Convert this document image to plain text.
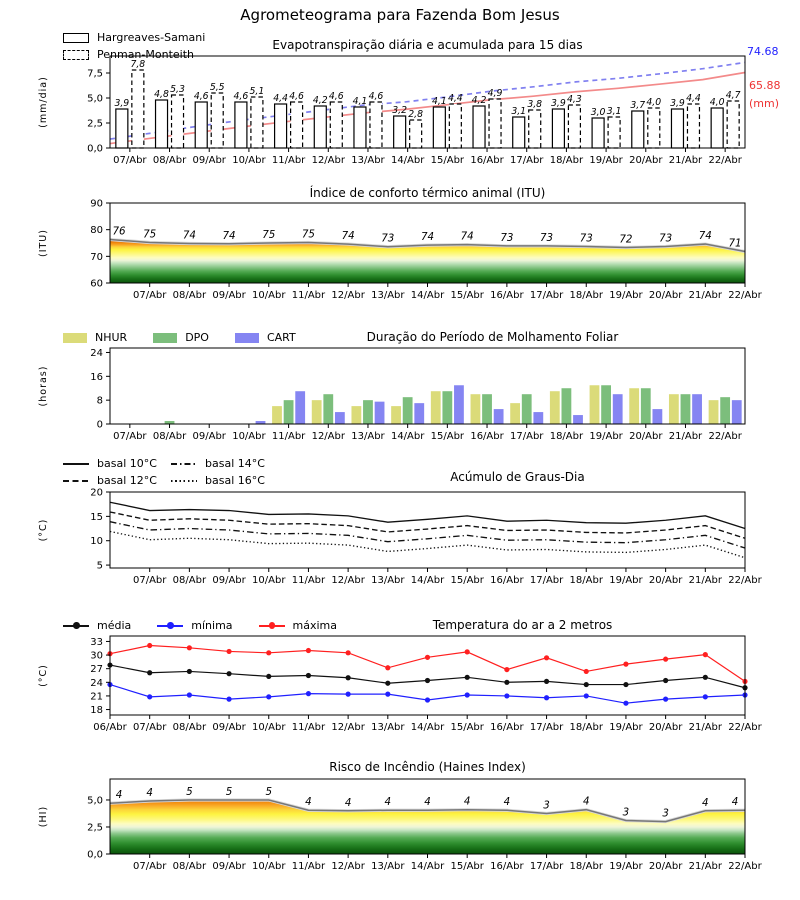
Agrometeograma para Fazenda Bom Jesus
Hargreaves-Samani
Penman-Monteith
Evapotranspiração diária e acumulada para 15 dias	74.68
65.88
(mm)
3,9
4,8	4,6	4,6	4,4	4,2	4,1
3,2
4,1	4,2
3,1
3,9
3,0
3,7	3,9	4,0
7,8
5,3	5,5	5,1	4,6	4,6	4,6
2,8
4,4	4,9
3,8	4,3
3,1
4,0	4,4	4,7
0,0
2,5
5,0
7,5
(mm/dia)
07/Abr 08/Abr 09/Abr 10/Abr 11/Abr 12/Abr 13/Abr 14/Abr 15/Abr 16/Abr 17/Abr 18/Abr 19/Abr 20/Abr 21/Abr 22/Abr
Índice de conforto térmico animal (ITU)
76 75	74	74	75	75	74	73	74	74	73	73	73	72	73	74
71
60
70
80
90
(ITU)
07/Abr 08/Abr 09/Abr 10/Abr 11/Abr 12/Abr 13/Abr 14/Abr 15/Abr 16/Abr 17/Abr 18/Abr 19/Abr 20/Abr 21/Abr 22/Abr
NHUR	DPO	CART	Duração do Período de Molhamento Foliar
0
8
16
24
(horas)
07/Abr 08/Abr 09/Abr 10/Abr 11/Abr 12/Abr 13/Abr 14/Abr 15/Abr 16/Abr 17/Abr 18/Abr 19/Abr 20/Abr 21/Abr 22/Abr
basal 10°C
basal 12°C
basal 14°C
basal 16°C	Acúmulo de Graus-Dia
5
10
15
20
(°C)
07/Abr 08/Abr 09/Abr 10/Abr 11/Abr 12/Abr 13/Abr 14/Abr 15/Abr 16/Abr 17/Abr 18/Abr 19/Abr 20/Abr 21/Abr 22/Abr
média	mínima	máxima	Temperatura do ar a 2 metros
18
21
24
27
30
33
(°C)
06/Abr 07/Abr 08/Abr 09/Abr 10/Abr 11/Abr 12/Abr 13/Abr 14/Abr 15/Abr 16/Abr 17/Abr 18/Abr 19/Abr 20/Abr 21/Abr 22/Abr
Risco de Incêndio (Haines Index)
4 4	5	5	5
4	4	4	4	4	4	3	4
3	3
4 4
0,0
2,5
5,0
(HI)
07/Abr 08/Abr 09/Abr 10/Abr 11/Abr 12/Abr 13/Abr 14/Abr 15/Abr 16/Abr 17/Abr 18/Abr 19/Abr 20/Abr 21/Abr 22/Abr
